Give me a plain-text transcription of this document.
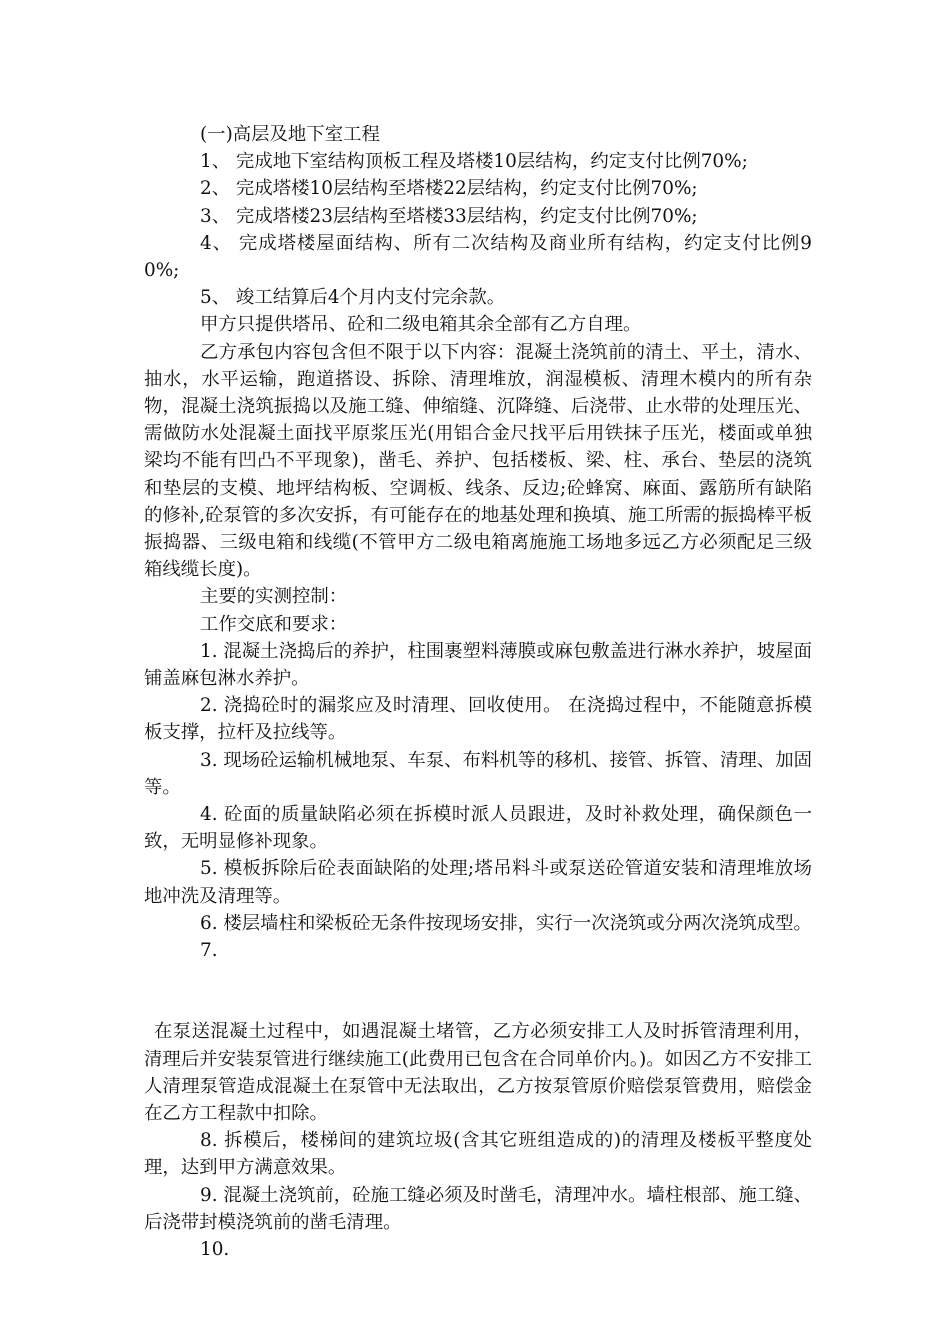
(一)高层及地下室工程

1、 完成地下室结构顶板工程及塔楼10层结构，约定支付比例70%;

2、 完成塔楼10层结构至塔楼22层结构，约定支付比例70%;

3、 完成塔楼23层结构至塔楼33层结构，约定支付比例70%;

4、 完成塔楼屋面结构、所有二次结构及商业所有结构，约定支付比例90%;

5、 竣工结算后4个月内支付完余款。

甲方只提供塔吊、砼和二级电箱其余全部有乙方自理。

乙方承包内容包含但不限于以下内容：混凝土浇筑前的清土、平土，清水、抽水，水平运输，跑道搭设、拆除、清理堆放，润湿模板、清理木模内的所有杂物，混凝土浇筑振捣以及施工缝、伸缩缝、沉降缝、后浇带、止水带的处理压光、需做防水处混凝土面找平原浆压光(用铝合金尺找平后用铁抹子压光，楼面或单独梁均不能有凹凸不平现象)，凿毛、养护、包括楼板、梁、柱、承台、垫层的浇筑和垫层的支模、地坪结构板、空调板、线条、反边;砼蜂窝、麻面、露筋所有缺陷的修补,砼泵管的多次安拆，有可能存在的地基处理和换填、施工所需的振捣棒平板振捣器、三级电箱和线缆(不管甲方二级电箱离施施工场地多远乙方必须配足三级箱线缆长度)。

主要的实测控制：

工作交底和要求：

1. 混凝土浇捣后的养护，柱围裹塑料薄膜或麻包敷盖进行淋水养护，坡屋面铺盖麻包淋水养护。

2. 浇捣砼时的漏浆应及时清理、回收使用。 在浇捣过程中，不能随意拆模板支撑，拉杆及拉线等。

3. 现场砼运输机械地泵、车泵、布料机等的移机、接管、拆管、清理、加固等。

4. 砼面的质量缺陷必须在拆模时派人员跟进，及时补救处理，确保颜色一致，无明显修补现象。

5. 模板拆除后砼表面缺陷的处理;塔吊料斗或泵送砼管道安装和清理堆放场地冲洗及清理等。

6. 楼层墙柱和梁板砼无条件按现场安排，实行一次浇筑或分两次浇筑成型。

7.

在泵送混凝土过程中，如遇混凝土堵管，乙方必须安排工人及时拆管清理利用，清理后并安装泵管进行继续施工(此费用已包含在合同单价内。)。如因乙方不安排工人清理泵管造成混凝土在泵管中无法取出，乙方按泵管原价赔偿泵管费用，赔偿金在乙方工程款中扣除。

8. 拆模后，楼梯间的建筑垃圾(含其它班组造成的)的清理及楼板平整度处理，达到甲方满意效果。

9. 混凝土浇筑前，砼施工缝必须及时凿毛，清理冲水。墙柱根部、施工缝、后浇带封模浇筑前的凿毛清理。

10.
